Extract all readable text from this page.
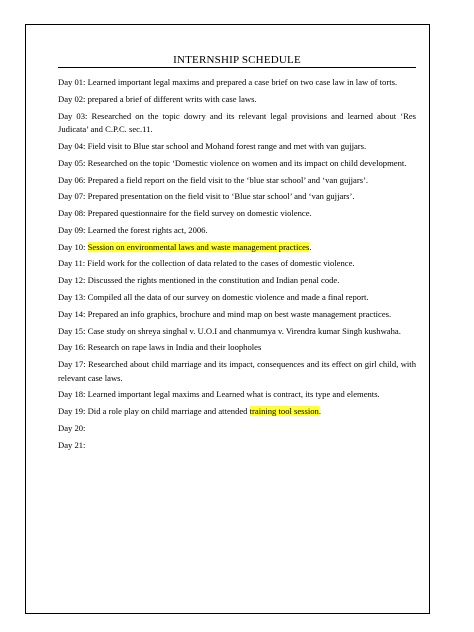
INTERNSHIP SCHEDULE

Day 01: Learned important legal maxims and prepared a case brief on two case law in law of torts.

Day 02: prepared a brief of different writs with case laws.

Day 03: Researched on the topic dowry and its relevant legal provisions and learned about ‘Res Judicata’ and C.P.C. sec.11.

Day 04: Field visit to Blue star school and Mohand forest range and met with van gujjars.

Day 05: Researched on the topic ‘Domestic violence on women and its impact on child development.

Day 06: Prepared a field report on the field visit to the ‘blue star school’ and ‘van gujjars’.

Day 07: Prepared presentation on the field visit to ‘Blue star school’ and ‘van gujjars’.

Day 08: Prepared questionnaire for the field survey on domestic violence.

Day 09: Learned the forest rights act, 2006.

Day 10: Session on environmental laws and waste management practices.

Day 11: Field work for the collection of data related to the cases of domestic violence.

Day 12: Discussed the rights mentioned in the constitution and Indian penal code.

Day 13: Compiled all the data of our survey on domestic violence and made a final report.

Day 14: Prepared an info graphics, brochure and mind map on best waste management practices.

Day 15: Case study on shreya singhal v. U.O.I and chanmumya v. Virendra kumar Singh kushwaha.

Day 16: Research on rape laws in India and their loopholes

Day 17: Researched about child marriage and its impact, consequences and its effect on girl child, with relevant case laws.

Day 18: Learned important legal maxims and Learned what is contract, its type and elements.

Day 19: Did a role play on child marriage and attended training tool session.

Day 20:

Day 21:
